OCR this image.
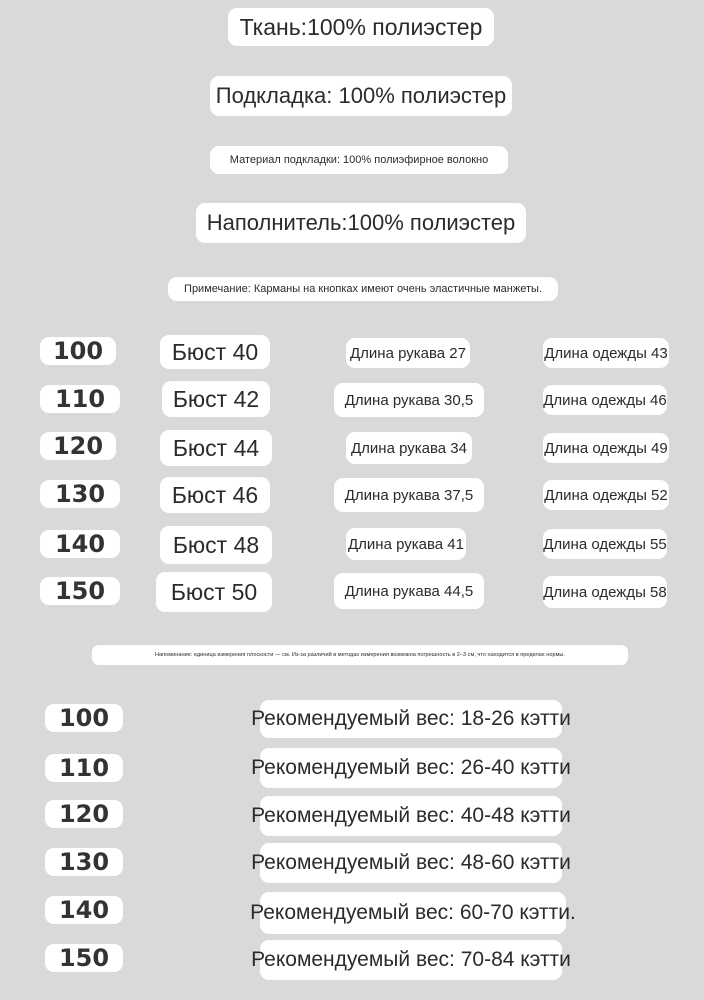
Ткань:100% полиэстер
Подкладка: 100% полиэстер
Материал подкладки: 100% полиэфирное волокно
Наполнитель:100% полиэстер
Примечание: Карманы на кнопках имеют очень эластичные манжеты.
100	Бюст 40	Длина рукава 27	Длина одежды 43
110	Бюст 42	Длина рукава 30,5	Длина одежды 46
120	Бюст 44	Длина рукава 34	Длина одежды 49
130	Бюст 46	Длина рукава 37,5	Длина одежды 52
140	Бюст 48	Длина рукава 41	Длина одежды 55
150	Бюст 50	Длина рукава 44,5	Длина одежды 58
Напоминание: единица измерения плоскости — см. Из-за различий в методах измерения возможна погрешность в 2–3 см, что находится в пределах нормы.
100	Рекомендуемый вес: 18-26 кэтти
110	Рекомендуемый вес: 26-40 кэтти
120	Рекомендуемый вес: 40-48 кэтти
130	Рекомендуемый вес: 48-60 кэтти
140	Рекомендуемый вес: 60-70 кэтти.
150	Рекомендуемый вес: 70-84 кэтти
